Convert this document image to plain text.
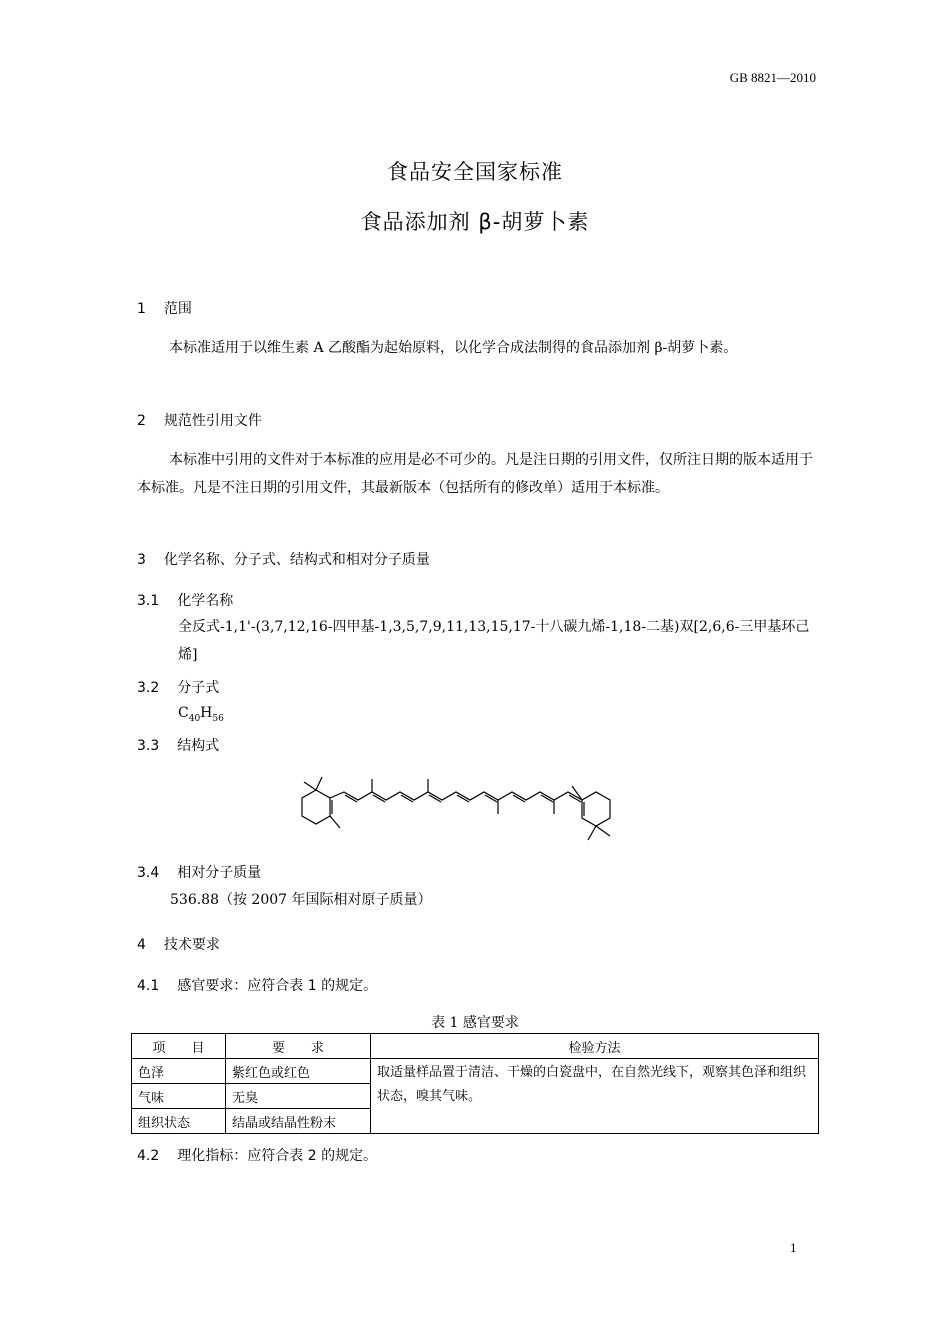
GB 8821—2010
食品安全国家标准
食品添加剂 β-胡萝卜素
1 范围
本标准适用于以维生素 A 乙酸酯为起始原料，以化学合成法制得的食品添加剂 β-胡萝卜素。
2 规范性引用文件
本标准中引用的文件对于本标准的应用是必不可少的。凡是注日期的引用文件，仅所注日期的版本适用于本标准。凡是不注日期的引用文件，其最新版本（包括所有的修改单）适用于本标准。
3 化学名称、分子式、结构式和相对分子质量
3.1 化学名称
全反式-1,1'-(3,7,12,16-四甲基-1,3,5,7,9,11,13,15,17-十八碳九烯-1,18-二基)双[2,6,6-三甲基环己烯]
3.2 分子式
$C_{40}H_{56}$
3.3 结构式
3.4 相对分子质量
536.88（按 2007 年国际相对原子质量）
4 技术要求
4.1 感官要求：应符合表 1 的规定。
表 1 感官要求
项　　目	要　　求	检验方法
色泽	紫红色或红色	取适量样品置于清洁、干燥的白瓷盘中，在自然光线下，观察其色泽和组织状态，嗅其气味。
气味	无臭	
组织状态	结晶或结晶性粉末	
4.2 理化指标：应符合表 2 的规定。
1
